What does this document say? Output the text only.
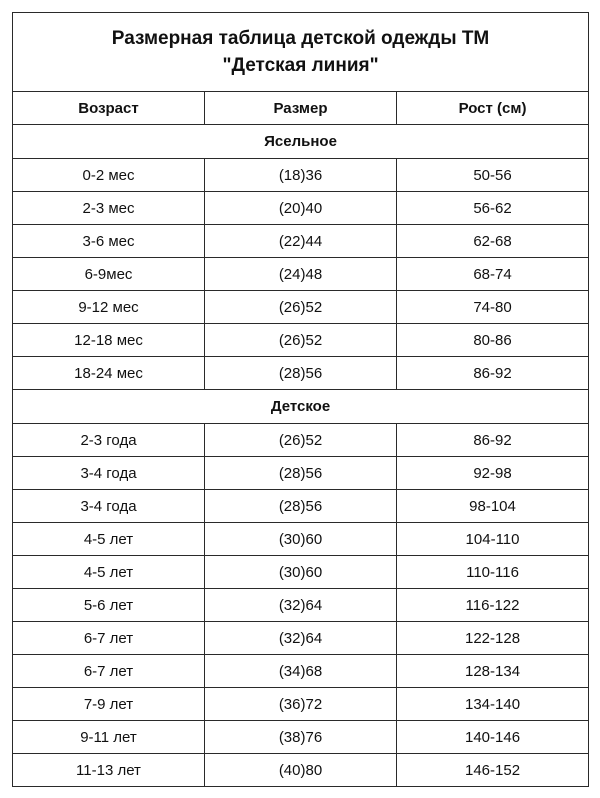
Размерная таблица детской одежды ТМ
"Детская линия"		

Возраст	Размер	Рост (см)
Ясельное		
0-2 мес	(18)36	50-56
2-3 мес	(20)40	56-62
3-6 мес	(22)44	62-68
6-9мес	(24)48	68-74
9-12 мес	(26)52	74-80
12-18 мес	(26)52	80-86
18-24 мес	(28)56	86-92
Детское		
2-3 года	(26)52	86-92
3-4 года	(28)56	92-98
3-4 года	(28)56	98-104
4-5 лет	(30)60	104-110
4-5 лет	(30)60	110-116
5-6 лет	(32)64	116-122
6-7 лет	(32)64	122-128
6-7 лет	(34)68	128-134
7-9 лет	(36)72	134-140
9-11 лет	(38)76	140-146
11-13 лет	(40)80	146-152
